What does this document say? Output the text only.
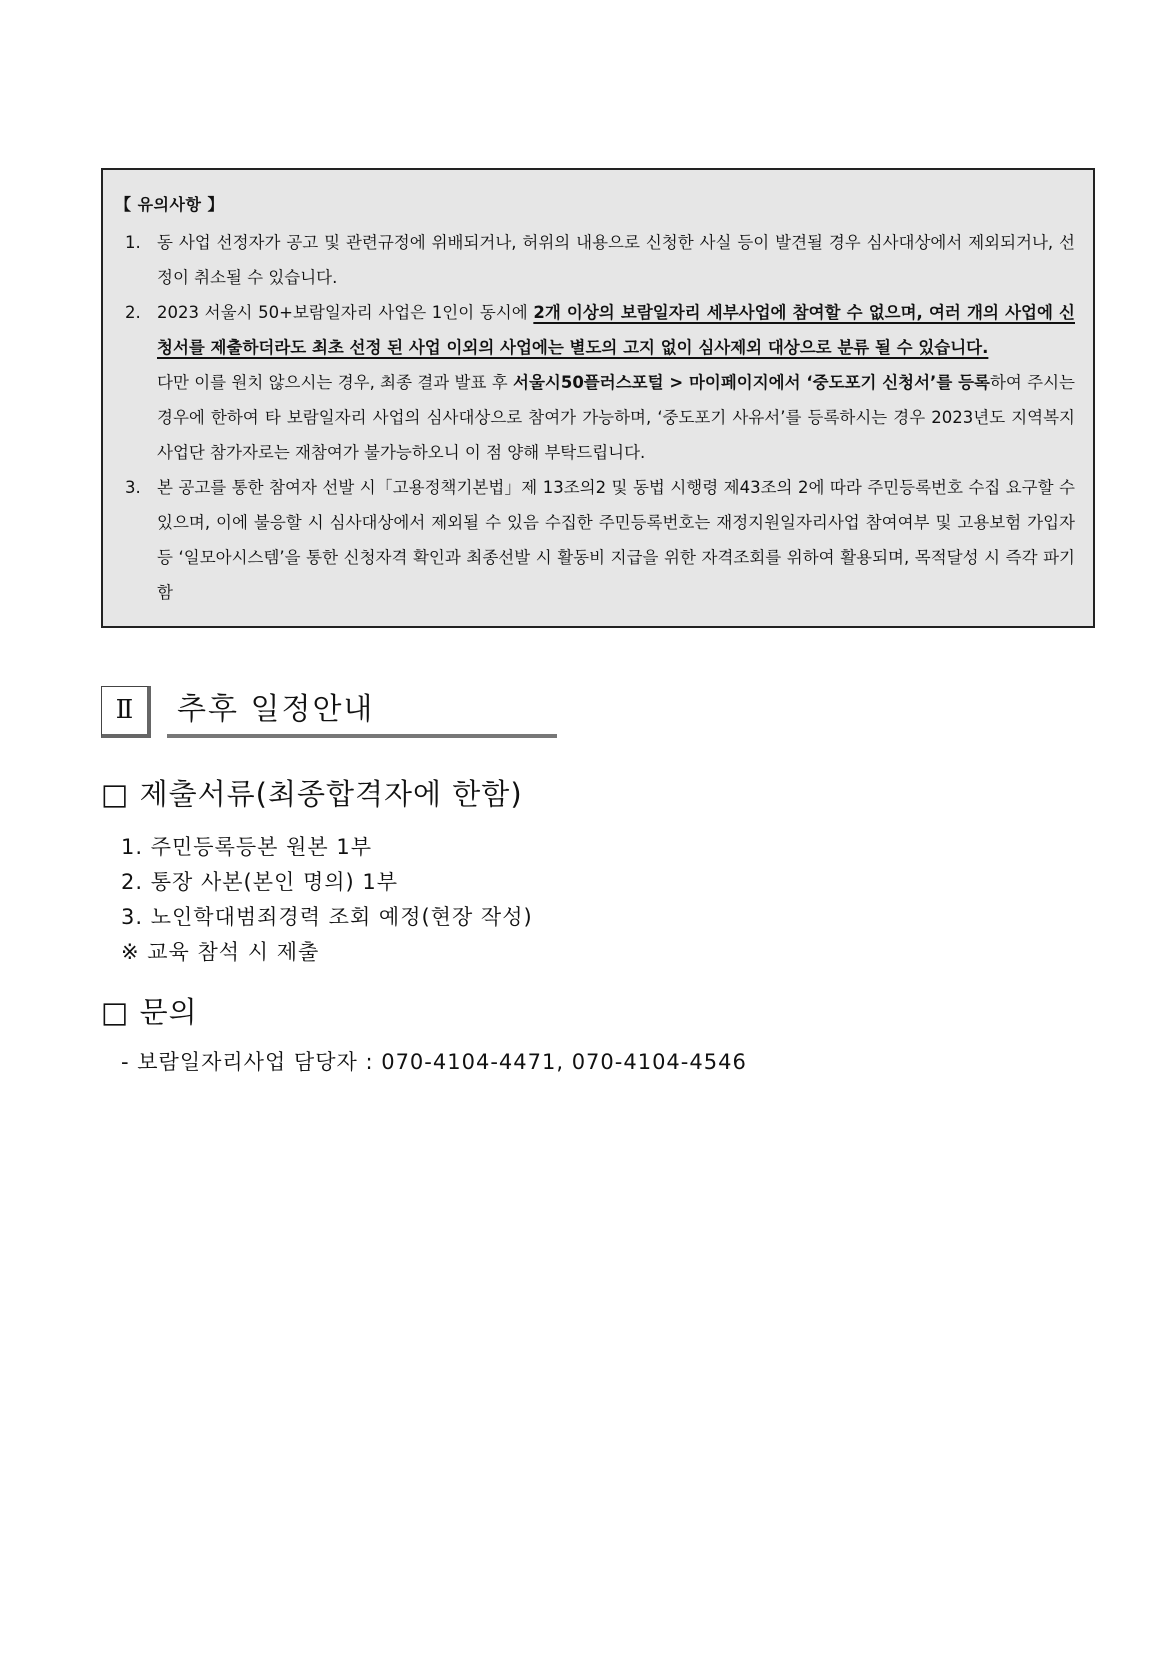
【 유의사항 】
1. 동 사업 선정자가 공고 및 관련규정에 위배되거나, 허위의 내용으로 신청한 사실 등이 발견될 경우 심사대상에서 제외되거나, 선정이 취소될 수 있습니다.

2. 2023 서울시 50+보람일자리 사업은 1인이 동시에 2개 이상의 보람일자리 세부사업에 참여할 수 없으며, 여러 개의 사업에 신청서를 제출하더라도 최초 선정 된 사업 이외의 사업에는 별도의 고지 없이 심사제외 대상으로 분류 될 수 있습니다.

다만 이를 원치 않으시는 경우, 최종 결과 발표 후 서울시50플러스포털 > 마이페이지에서 ‘중도포기 신청서’를 등록하여 주시는 경우에 한하여 타 보람일자리 사업의 심사대상으로 참여가 가능하며, ‘중도포기 사유서’를 등록하시는 경우 2023년도 지역복지사업단 참가자로는 재참여가 불가능하오니 이 점 양해 부탁드립니다.

3. 본 공고를 통한 참여자 선발 시「고용정책기본법」제 13조의2 및 동법 시행령 제43조의 2에 따라 주민등록번호 수집 요구할 수 있으며, 이에 불응할 시 심사대상에서 제외될 수 있음 수집한 주민등록번호는 재정지원일자리사업 참여여부 및 고용보험 가입자 등 ‘일모아시스템’을 통한 신청자격 확인과 최종선발 시 활동비 지급을 위한 자격조회를 위하여 활용되며, 목적달성 시 즉각 파기함

Ⅱ	추후 일정안내
□ 제출서류(최종합격자에 한함)
1. 주민등록등본 원본 1부
2. 통장 사본(본인 명의) 1부
3. 노인학대범죄경력 조회 예정(현장 작성)
※ 교육 참석 시 제출
□ 문의

- 보람일자리사업 담당자 : 070-4104-4471, 070-4104-4546
